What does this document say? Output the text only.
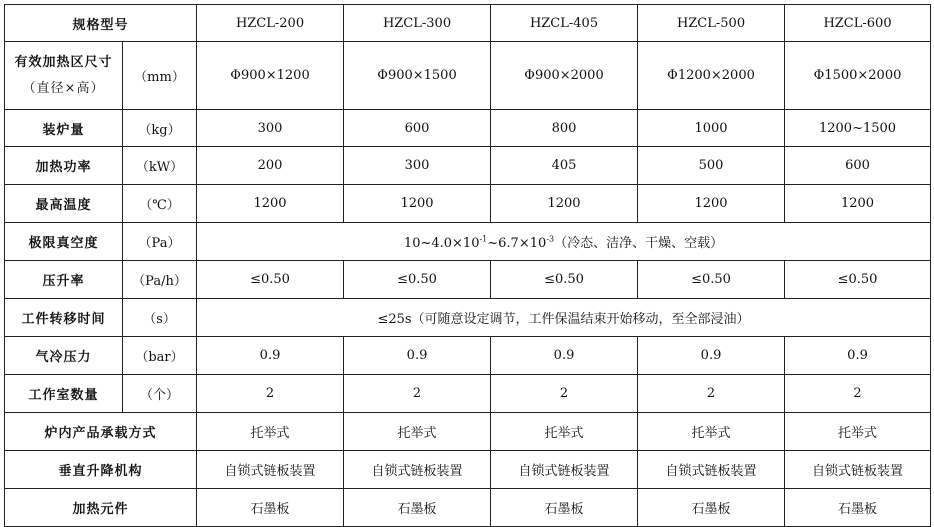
规格型号		HZCL-200	HZCL-300	HZCL-405	HZCL-500	HZCL-600

有效加热区尺寸
（直径×高）	（mm）	Φ900×1200	Φ900×1500	Φ900×2000	Φ1200×2000	Φ1500×2000
装炉量	（kg）	300	600	800	1000	1200~1500
加热功率	（kW）	200	300	405	500	600
最高温度	（℃）	1200	1200	1200	1200	1200
极限真空度	（Pa）	$10\sim 4.0\times 10^{-1}\sim 6.7\times 10^{-3}$（冷态、洁净、干燥、空载）				
压升率	（Pa/h）	≤0.50	≤0.50	≤0.50	≤0.50	≤0.50
工件转移时间	（s）	≤25s（可随意设定调节，工件保温结束开始移动，至全部浸油）				
气冷压力	（bar）	0.9	0.9	0.9	0.9	0.9
工作室数量	（个）	2	2	2	2	2
炉内产品承载方式		托举式	托举式	托举式	托举式	托举式
垂直升降机构		自锁式链板装置	自锁式链板装置	自锁式链板装置	自锁式链板装置	自锁式链板装置
加热元件		石墨板	石墨板	石墨板	石墨板	石墨板
